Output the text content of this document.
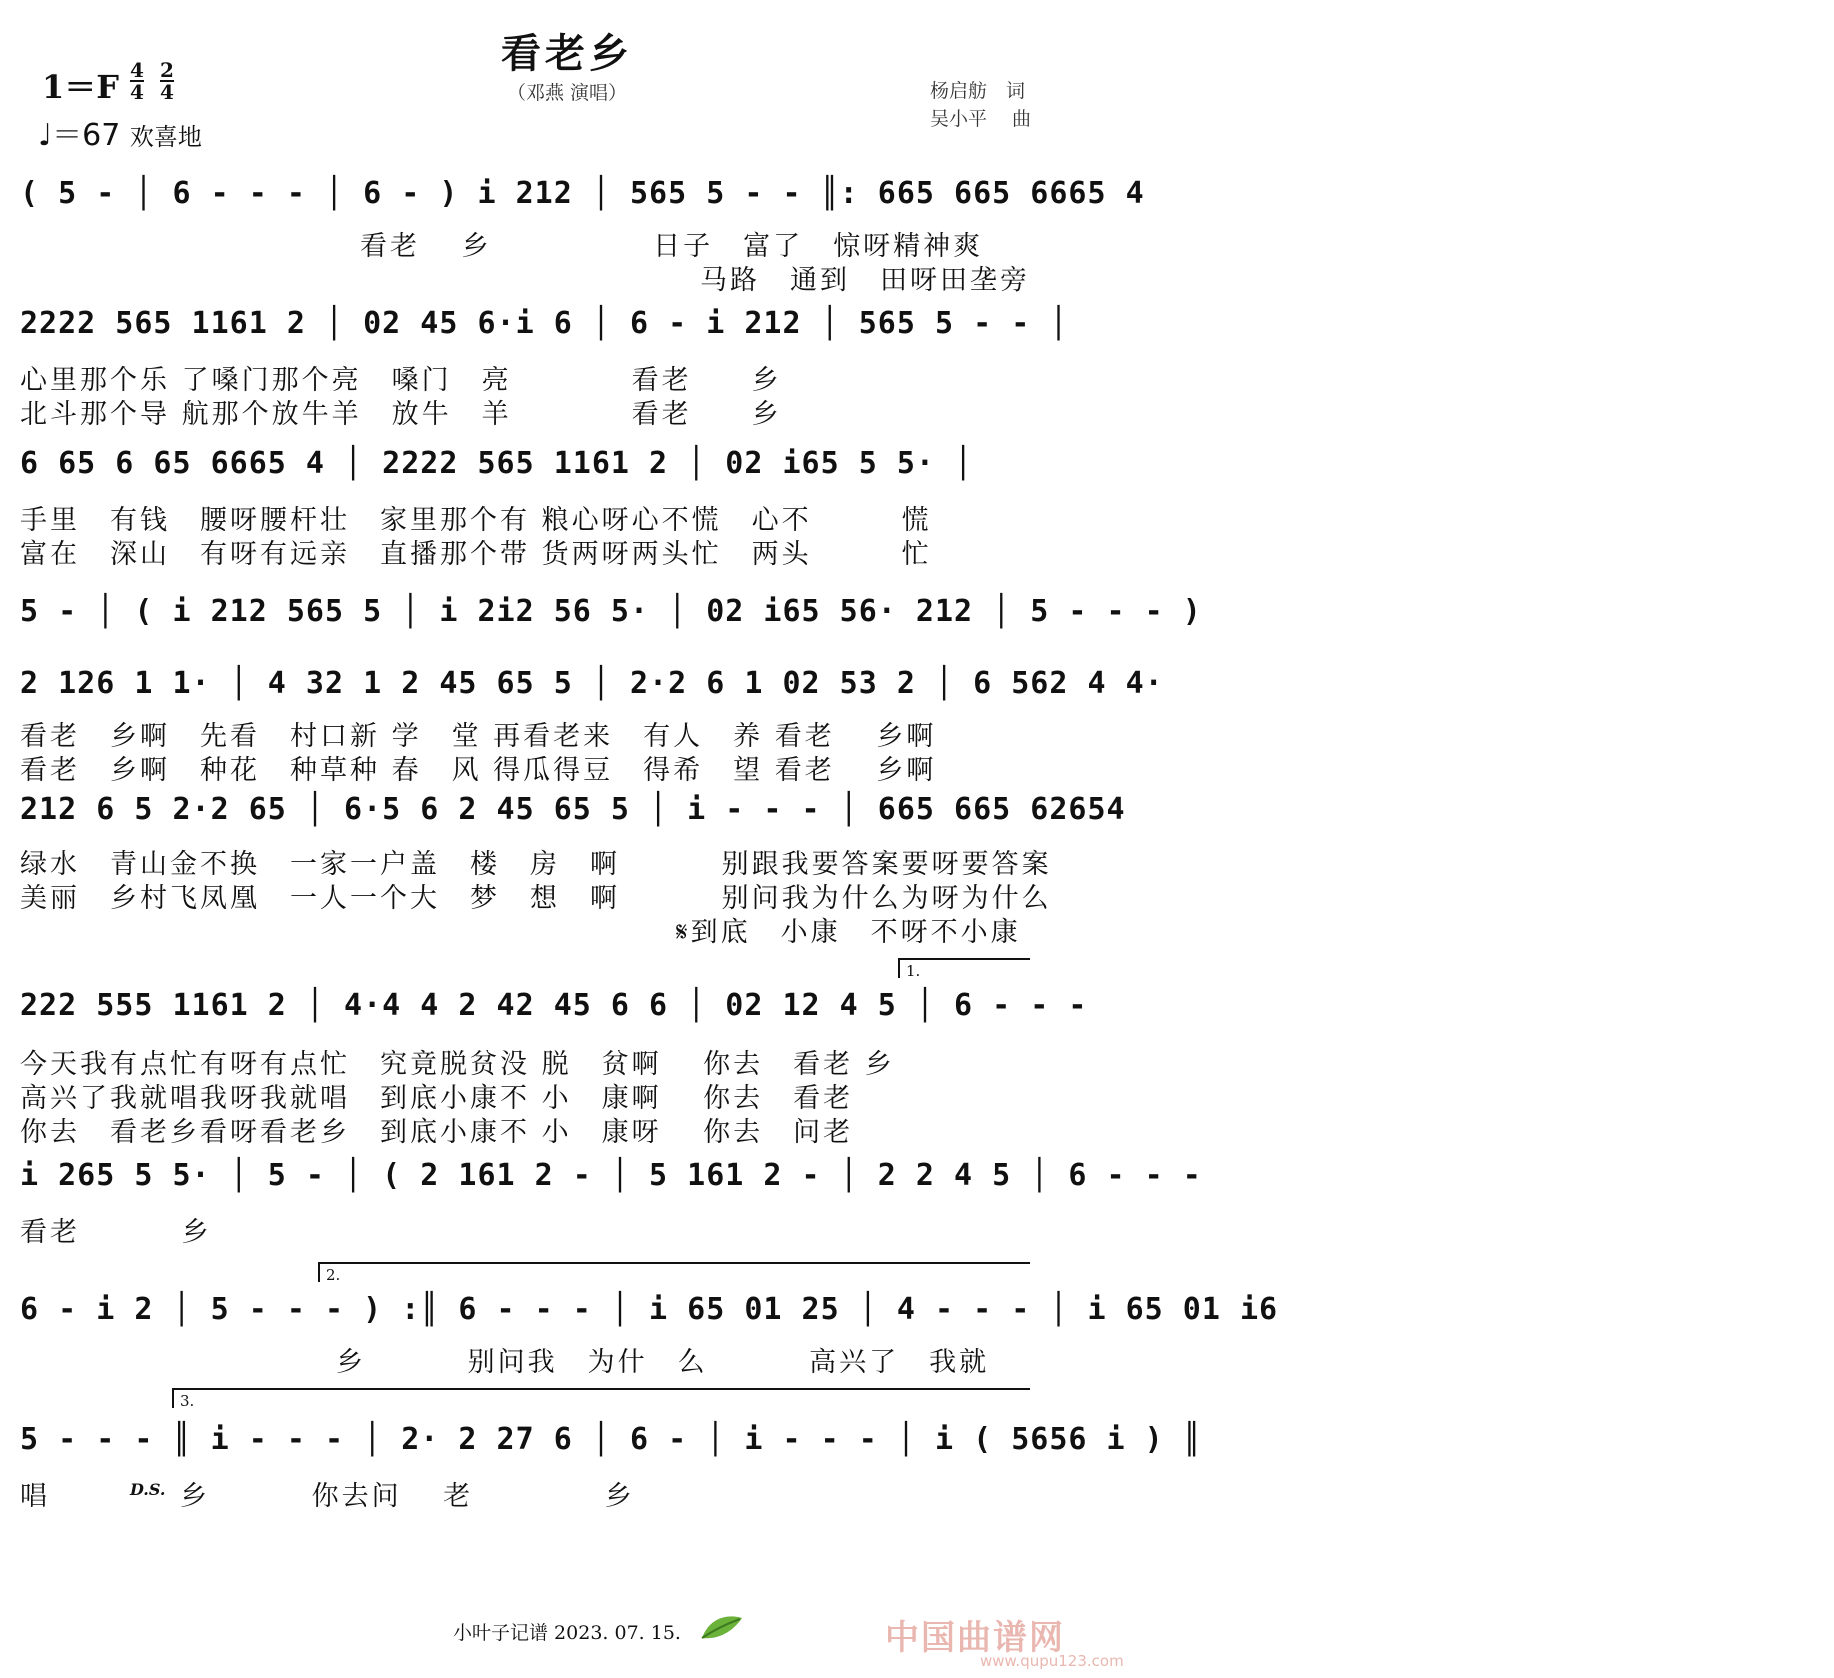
看老乡
（邓燕 演唱）
$1=F \frac{4}{4} \frac{2}{4}$
♩＝67 欢喜地
杨启舫　词
吴小平　 曲
( 5 - │ 6 - - - │ 6 - ) i 212 │ 565 5 - - ║: 665 665 6665 4
看老　 乡　　　　　 日子　富了　惊呀精神爽
马路　通到　田呀田垄旁
2222 565 1161 2 │ 02 45 6·i 6 │ 6 - i 212 │ 565 5 - - │
心里那个乐 了嗓门那个亮　嗓门　亮　　　　看老　　乡
北斗那个导 航那个放牛羊　放牛　羊　　　　看老　　乡
6 65 6 65 6665 4 │ 2222 565 1161 2 │ 02 i65 5 5· │
手里　有钱　腰呀腰杆壮　家里那个有 粮心呀心不慌　心不　　　慌
富在　深山　有呀有远亲　直播那个带 货两呀两头忙　两头　　　忙
5 - │ ( i 212 565 5 │ i 2i2 56 5· │ 02 i65 56· 212 │ 5 - - - )
2 126 1 1· │ 4 32 1 2 45 65 5 │ 2·2 6 1 02 53 2 │ 6 562 4 4·
看老　乡啊　先看　村口新 学　堂 再看老来　有人　养 看老　 乡啊
看老　乡啊　种花　种草种 春　风 得瓜得豆　得希　望 看老　 乡啊
212 6 5 2·2 65 │ 6·5 6 2 45 65 5 │ i - - - │ 665 665 62654
绿水　青山金不换　一家一户盖　楼　房　啊　　　 别跟我要答案要呀要答案
美丽　乡村飞凤凰　一人一个大　梦　想　啊　　　 别问我为什么为呀为什么
𝄋到底　小康　不呀不小康
1.
222 555 1161 2 │ 4·4 4 2 42 45 6 6 │ 02 12 4 5 │ 6 - - -
今天我有点忙有呀有点忙　究竟脱贫没 脱　贫啊　 你去　看老 乡
高兴了我就唱我呀我就唱　到底小康不 小　康啊　 你去　看老
你去　看老乡看呀看老乡　到底小康不 小　康呀　 你去　问老
i 265 5 5· │ 5 - │ ( 2 161 2 - │ 5 161 2 - │ 2 2 4 5 │ 6 - - -
看老　　　 乡
2.
6 - i 2 │ 5 - - - ) :║ 6 - - - │ i 65 01 25 │ 4 - - - │ i 65 01 i6
乡　　　 别问我　为什　么　　　 高兴了　我就
3.
5 - - - ║ i - - - │ 2· 2 27 6 │ 6 - │ i - - - │ i ( 5656 i ) ║
唱	D.S. 乡　　　 你去问　 老　　　　 乡
小叶子记谱 2023. 07. 15.	中国曲谱网
www.qupu123.com
